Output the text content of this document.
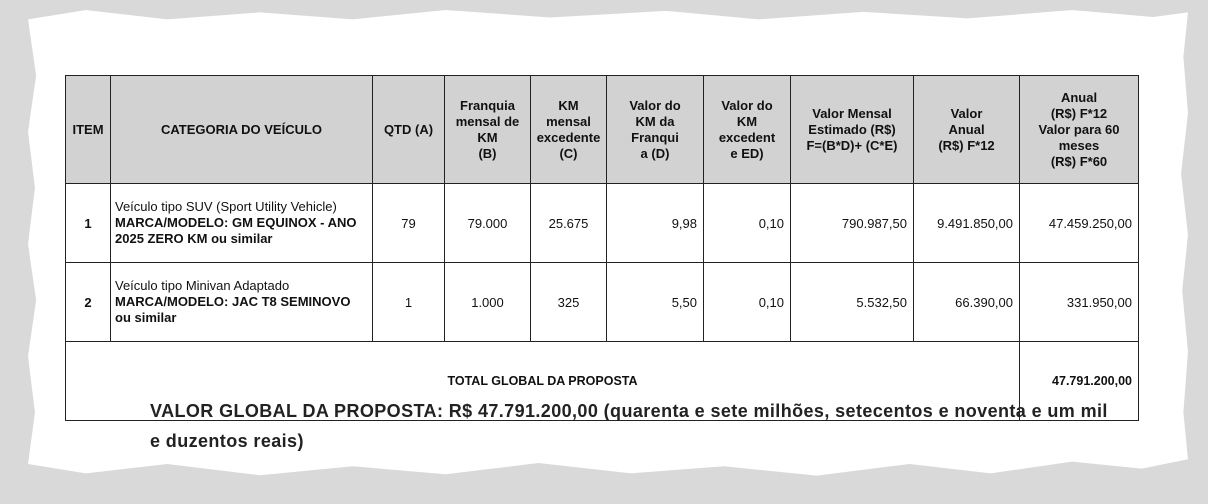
ITEM	CATEGORIA DO VEÍCULO	QTD (A)	Franquia
mensal de
KM
(B)	KM
mensal
excedente
(C)	Valor do
KM da
Franqui
a (D)	Valor do
KM
excedent
e ED)	Valor Mensal
Estimado (R$)
F=(B*D)+ (C*E)	Valor
Anual
(R$) F*12	Anual
(R$) F*12
Valor para 60
meses
(R$) F*60
1	Veículo tipo SUV (Sport Utility Vehicle) MARCA/MODELO: GM EQUINOX - ANO 2025 ZERO KM ou similar	79	79.000	25.675	9,98	0,10	790.987,50	9.491.850,00	47.459.250,00
2	Veículo tipo Minivan Adaptado MARCA/MODELO: JAC T8 SEMINOVO ou similar	1	1.000	325	5,50	0,10	5.532,50	66.390,00	331.950,00
TOTAL GLOBAL DA PROPOSTA									47.791.200,00
VALOR GLOBAL DA PROPOSTA: R$ 47.791.200,00 (quarenta e sete milhões, setecentos e noventa e um mil e duzentos reais)
